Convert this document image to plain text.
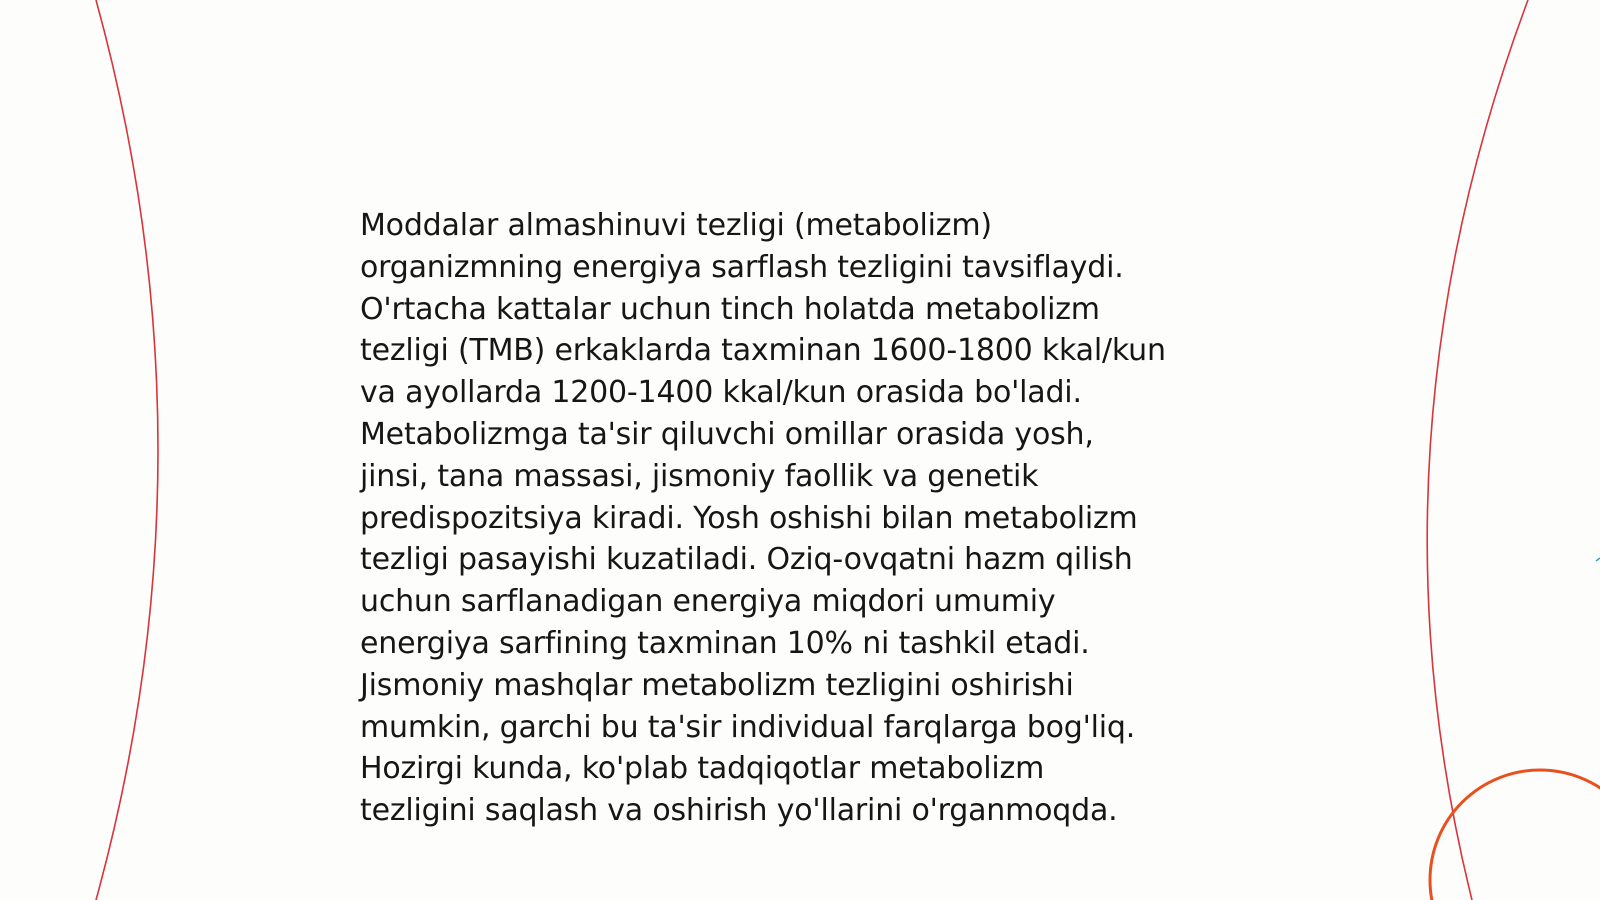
Moddalar almashinuvi tezligi (metabolizm)
organizmning energiya sarflash tezligini tavsiflaydi.
O'rtacha kattalar uchun tinch holatda metabolizm
tezligi (TMB) erkaklarda taxminan 1600-1800 kkal/kun
va ayollarda 1200-1400 kkal/kun orasida bo'ladi.
Metabolizmga ta'sir qiluvchi omillar orasida yosh,
jinsi, tana massasi, jismoniy faollik va genetik
predispozitsiya kiradi. Yosh oshishi bilan metabolizm
tezligi pasayishi kuzatiladi. Oziq-ovqatni hazm qilish
uchun sarflanadigan energiya miqdori umumiy
energiya sarfining taxminan 10% ni tashkil etadi.
Jismoniy mashqlar metabolizm tezligini oshirishi
mumkin, garchi bu ta'sir individual farqlarga bog'liq.
Hozirgi kunda, ko'plab tadqiqotlar metabolizm
tezligini saqlash va oshirish yo'llarini o'rganmoqda.
